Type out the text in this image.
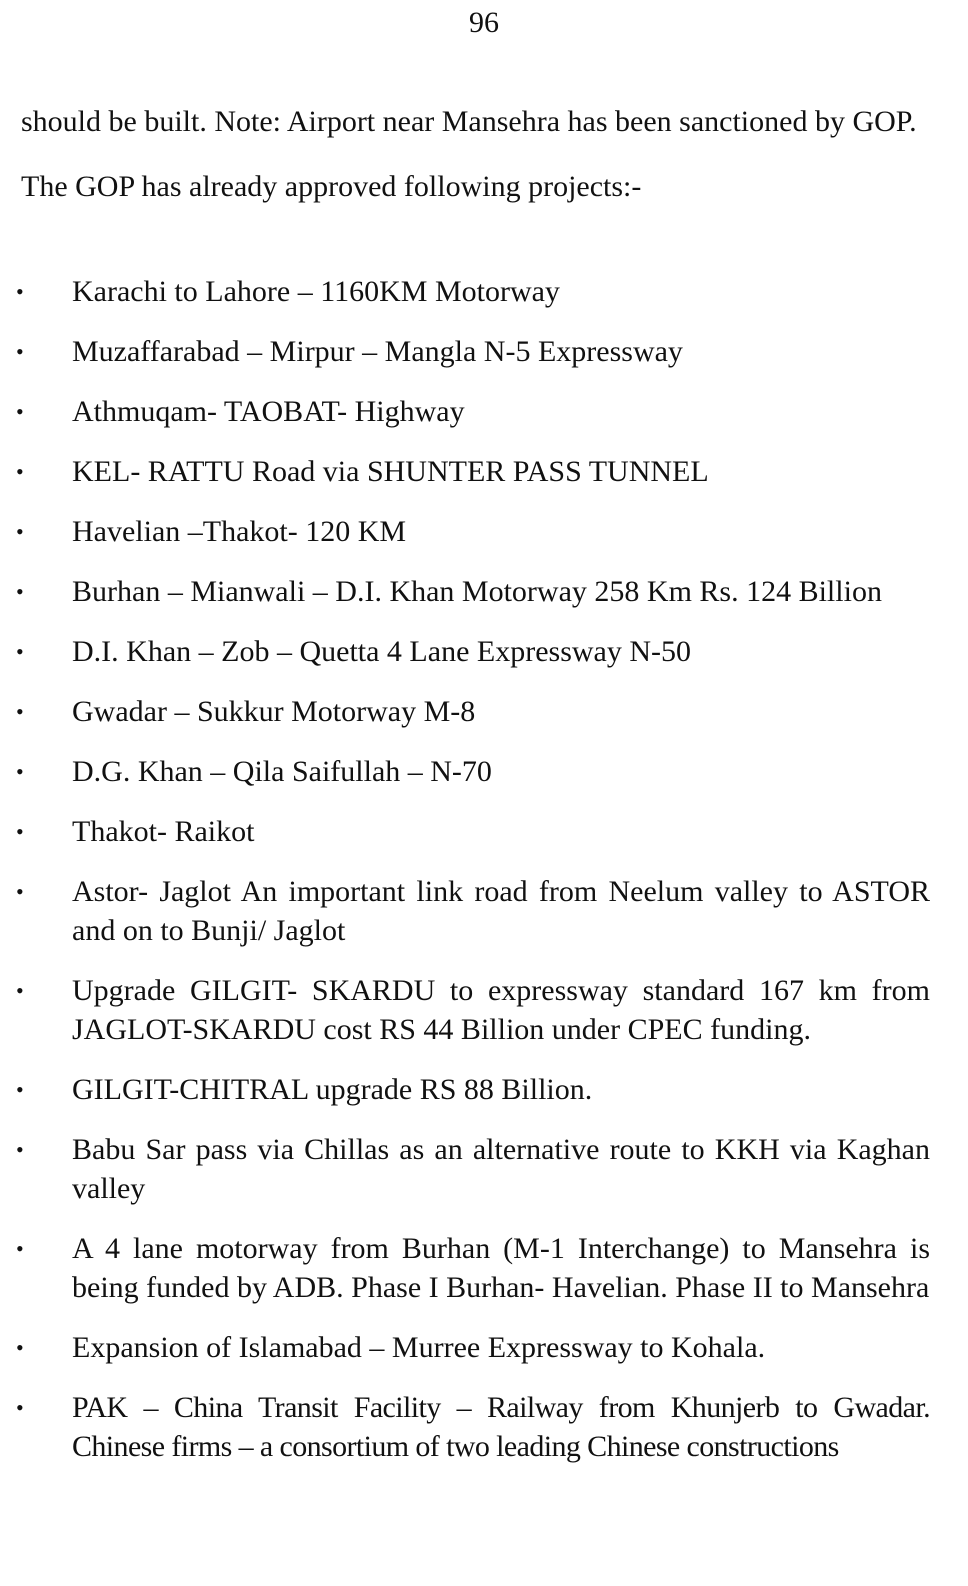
96

should be built. Note: Airport near Mansehra has been sanctioned by GOP.

The GOP has already approved following projects:-

• Karachi to Lahore – 1160KM Motorway
• Muzaffarabad – Mirpur – Mangla N-5 Expressway
• Athmuqam- TAOBAT- Highway
• KEL- RATTU Road via SHUNTER PASS TUNNEL
• Havelian –Thakot- 120 KM
• Burhan – Mianwali – D.I. Khan Motorway 258 Km Rs. 124 Billion
• D.I. Khan – Zob – Quetta 4 Lane Expressway N-50
• Gwadar – Sukkur Motorway M-8
• D.G. Khan – Qila Saifullah – N-70
• Thakot- Raikot
• Astor- Jaglot An important link road from Neelum valley to ASTOR and on to Bunji/ Jaglot
• Upgrade GILGIT- SKARDU to expressway standard 167 km from JAGLOT-SKARDU cost RS 44 Billion under CPEC funding.
• GILGIT-CHITRAL upgrade RS 88 Billion.
• Babu Sar pass via Chillas as an alternative route to KKH via Kaghan valley
• A 4 lane motorway from Burhan (M-1 Interchange) to Mansehra is being funded by ADB. Phase I Burhan- Havelian. Phase II to Mansehra
• Expansion of Islamabad – Murree Expressway to Kohala.
• PAK – China Transit Facility – Railway from Khunjerb to Gwadar. Chinese firms – a consortium of two leading Chinese constructions
